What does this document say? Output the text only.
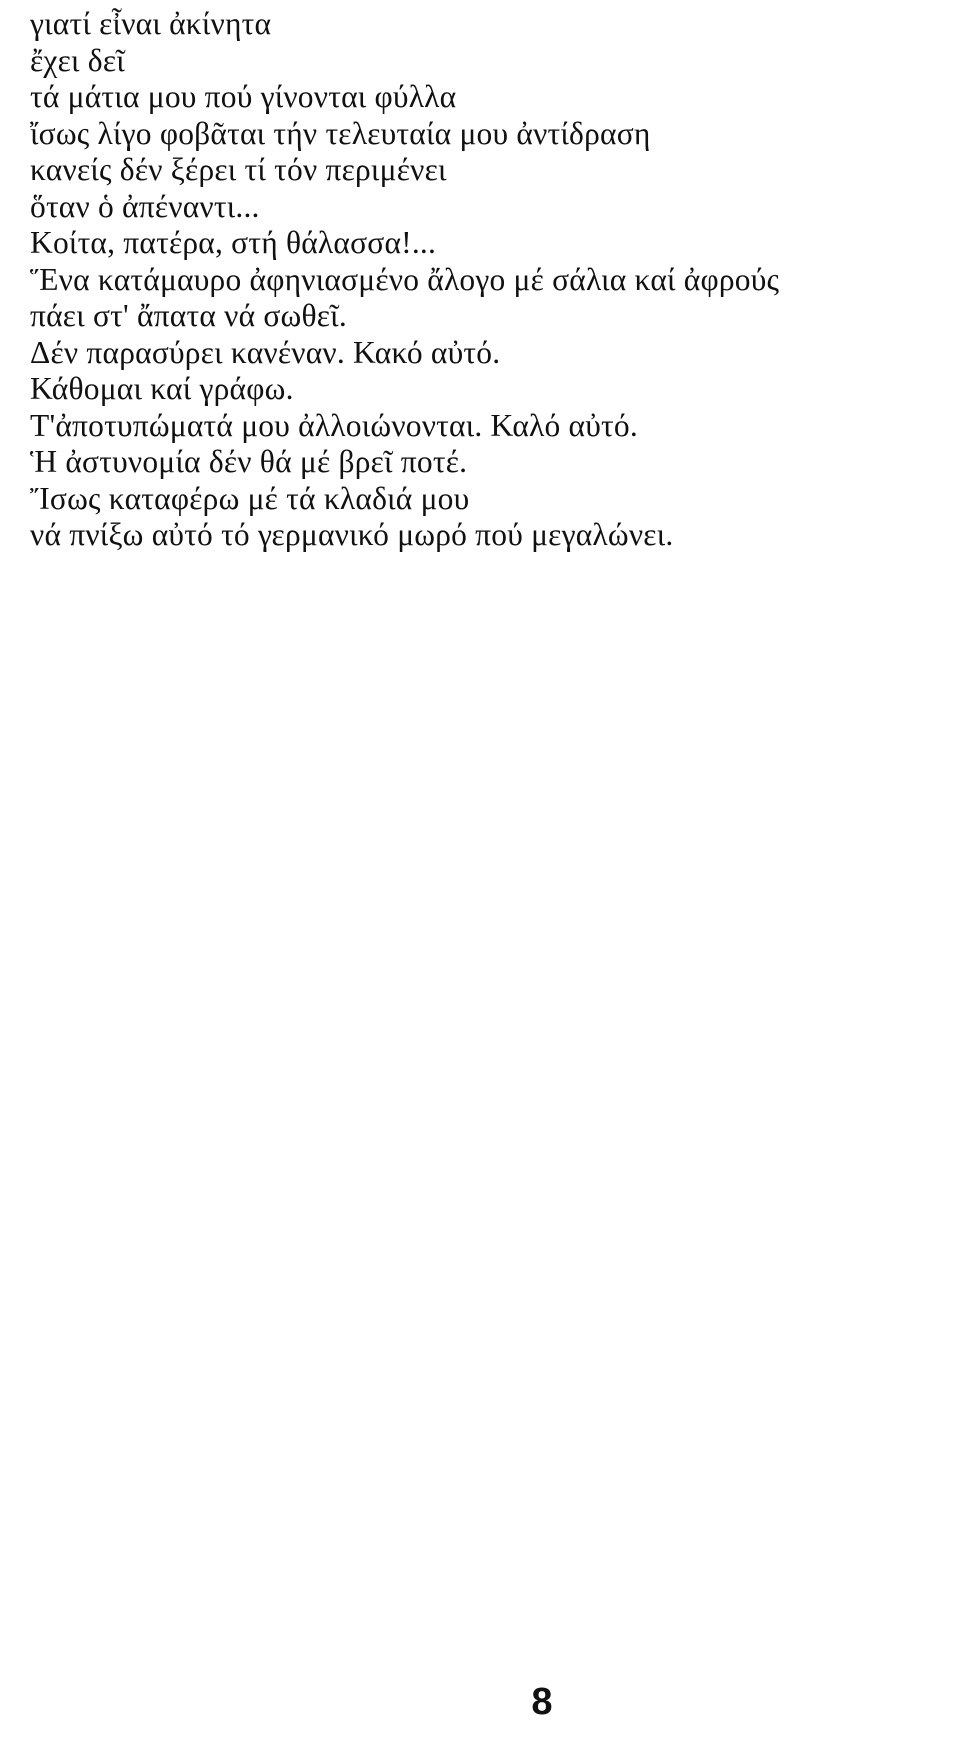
γιατί εἶναι ἀκίνητα
ἔχει δεῖ
τά μάτια μου πού γίνονται φύλλα
ἴσως λίγο φοβᾶται τήν τελευταία μου ἀντίδραση
κανείς δέν ξέρει τί τόν περιμένει
ὅταν ὁ ἀπέναντι...
Κοίτα, πατέρα, στή θάλασσα!...
Ἕνα κατάμαυρο ἀφηνιασμένο ἄλογο μέ σάλια καί ἀφρούς
πάει στ' ἄπατα νά σωθεῖ.
Δέν παρασύρει κανέναν. Κακό αὐτό.
Κάθομαι καί γράφω.
Τ'ἀποτυπώματά μου ἀλλοιώνονται. Καλό αὐτό.
Ἡ ἀστυνομία δέν θά μέ βρεῖ ποτέ.
Ἴσως καταφέρω μέ τά κλαδιά μου
νά πνίξω αὐτό τό γερμανικό μωρό πού μεγαλώνει.
8
